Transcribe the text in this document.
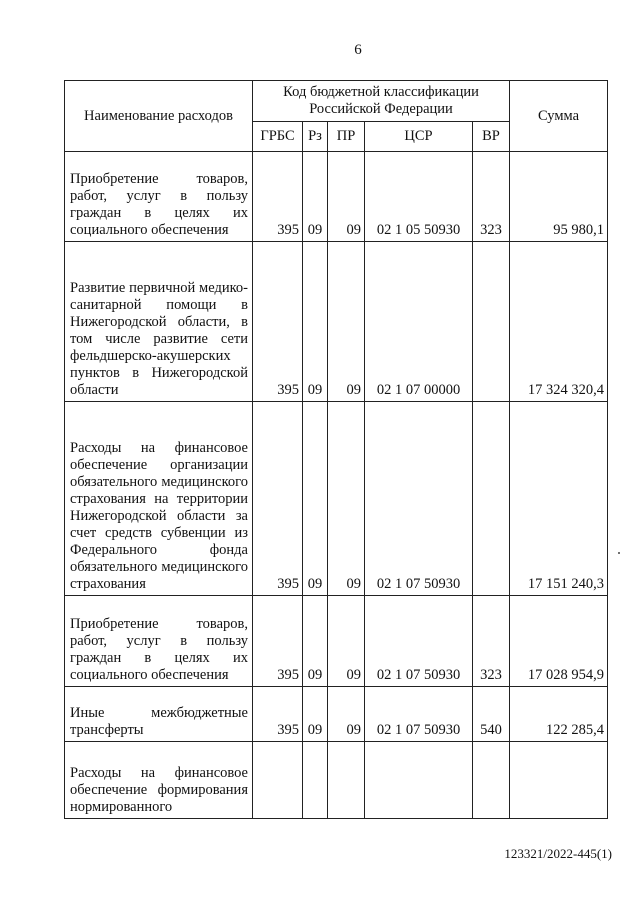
6
Наименование расходов	Код бюджетной классификации Российской Федерации					Сумма
	ГРБС	Рз	ПР	ЦСР	ВР	
Приобретение товаров, работ, услуг в пользу граждан в целях их социального обеспечения	395	09	09	02 1 05 50930	323	95 980,1
Развитие первичной медико-санитарной помощи в Нижегородской области, в том числе развитие сети фельдшерско-акушерских пунктов в Нижегородской области	395	09	09	02 1 07 00000		17 324 320,4
Расходы на финансовое обеспечение организации обязательного медицинского страхования на территории Нижегородской области за счет средств субвенции из Федерального фонда обязательного медицинского страхования	395	09	09	02 1 07 50930		17 151 240,3
Приобретение товаров, работ, услуг в пользу граждан в целях их социального обеспечения	395	09	09	02 1 07 50930	323	17 028 954,9
Иные межбюджетные трансферты	395	09	09	02 1 07 50930	540	122 285,4
Расходы на финансовое обеспечение формирования нормированного						
123321/2022-445(1)
